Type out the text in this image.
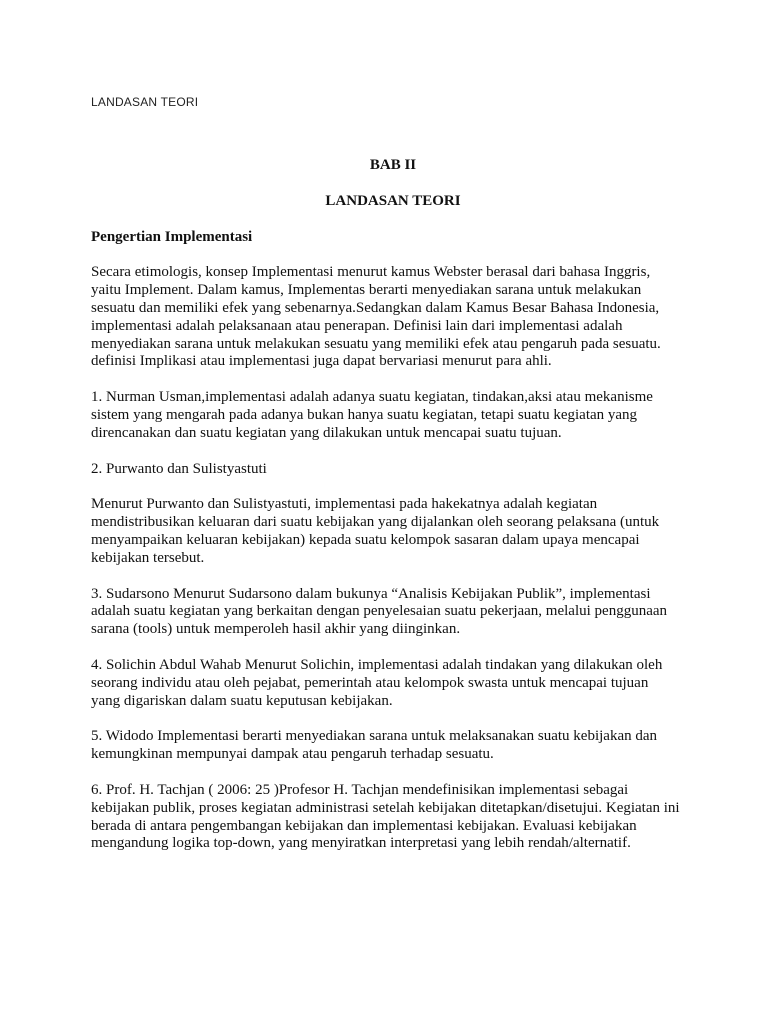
LANDASAN TEORI
BAB II
LANDASAN TEORI
Pengertian Implementasi

Secara etimologis, konsep Implementasi menurut kamus Webster berasal dari bahasa Inggris, yaitu Implement. Dalam kamus, Implementas berarti menyediakan sarana untuk melakukan sesuatu dan memiliki efek yang sebenarnya.Sedangkan dalam Kamus Besar Bahasa Indonesia, implementasi adalah pelaksanaan atau penerapan. Definisi lain dari implementasi adalah menyediakan sarana untuk melakukan sesuatu yang memiliki efek atau pengaruh pada sesuatu. definisi Implikasi atau implementasi juga dapat bervariasi menurut para ahli.

1. Nurman Usman,implementasi adalah adanya suatu kegiatan, tindakan,aksi atau mekanisme sistem yang mengarah pada adanya bukan hanya suatu kegiatan, tetapi suatu kegiatan yang direncanakan dan suatu kegiatan yang dilakukan untuk mencapai suatu tujuan.

2. Purwanto dan Sulistyastuti

Menurut Purwanto dan Sulistyastuti, implementasi pada hakekatnya adalah kegiatan mendistribusikan keluaran dari suatu kebijakan yang dijalankan oleh seorang pelaksana (untuk menyampaikan keluaran kebijakan) kepada suatu kelompok sasaran dalam upaya mencapai kebijakan tersebut.

3. Sudarsono Menurut Sudarsono dalam bukunya “Analisis Kebijakan Publik”, implementasi adalah suatu kegiatan yang berkaitan dengan penyelesaian suatu pekerjaan, melalui penggunaan sarana (tools) untuk memperoleh hasil akhir yang diinginkan.

4. Solichin Abdul Wahab Menurut Solichin, implementasi adalah tindakan yang dilakukan oleh seorang individu atau oleh pejabat, pemerintah atau kelompok swasta untuk mencapai tujuan yang digariskan dalam suatu keputusan kebijakan.

5. Widodo Implementasi berarti menyediakan sarana untuk melaksanakan suatu kebijakan dan kemungkinan mempunyai dampak atau pengaruh terhadap sesuatu.

6. Prof. H. Tachjan ( 2006: 25 )Profesor H. Tachjan mendefinisikan implementasi sebagai kebijakan publik, proses kegiatan administrasi setelah kebijakan ditetapkan/disetujui. Kegiatan ini berada di antara pengembangan kebijakan dan implementasi kebijakan. Evaluasi kebijakan mengandung logika top-down, yang menyiratkan interpretasi yang lebih rendah/alternatif.
